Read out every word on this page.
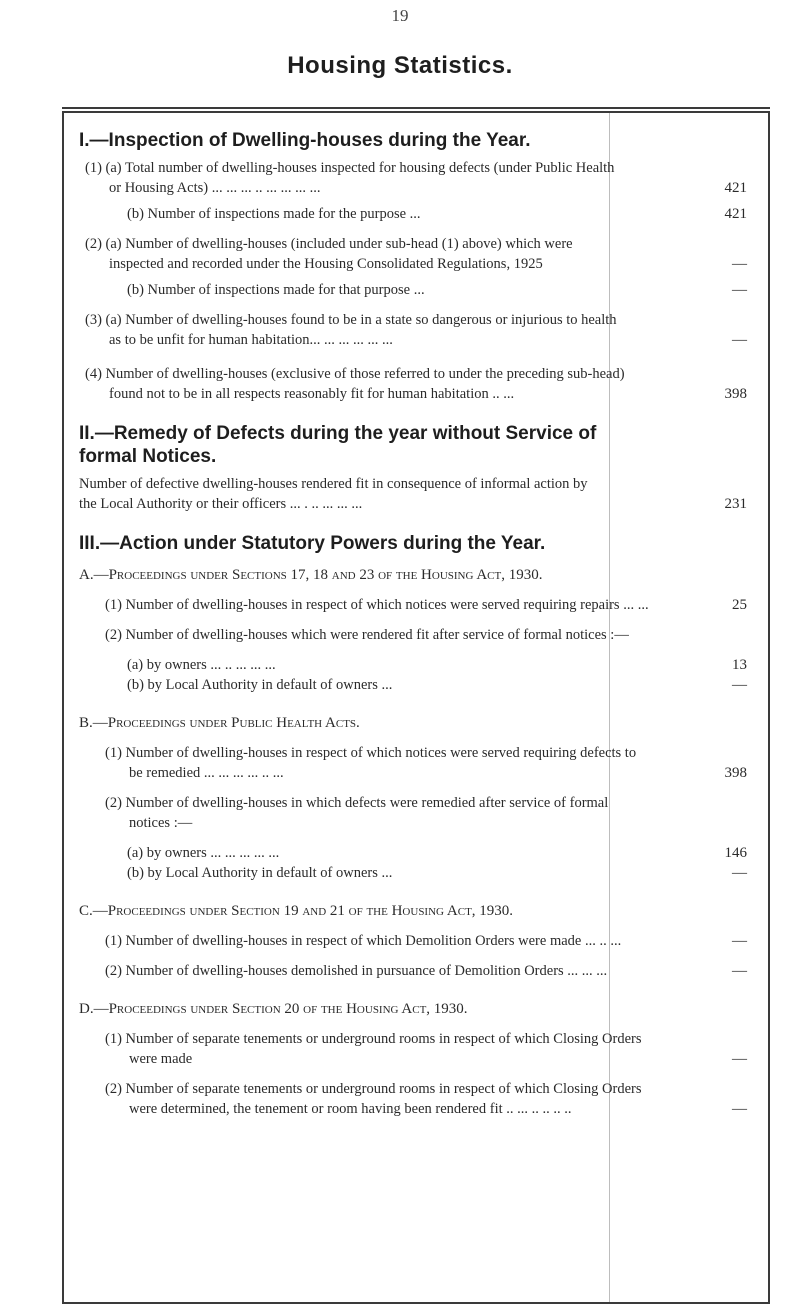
19
Housing Statistics.
I.—Inspection of Dwelling-houses during the Year.
(1) (a) Total number of dwelling-houses inspected for housing defects (under Public Health or Housing Acts) ... ... ... .. ... ... ... ...	421
(b) Number of inspections made for the purpose ...	421
(2) (a) Number of dwelling-houses (included under sub-head (1) above) which were inspected and recorded under the Housing Consolidated Regulations, 1925	—
(b) Number of inspections made for that purpose ...	—
(3) (a) Number of dwelling-houses found to be in a state so dangerous or injurious to health as to be unfit for human habitation... ... ... ... ... ...	—
(4) Number of dwelling-houses (exclusive of those referred to under the preceding sub-head) found not to be in all respects reasonably fit for human habitation .. ...	398
II.—Remedy of Defects during the year without Service of formal Notices.
Number of defective dwelling-houses rendered fit in consequence of informal action by the Local Authority or their officers ... . .. ... ... ...	231
III.—Action under Statutory Powers during the Year.
A.—Proceedings under Sections 17, 18 and 23 of the Housing Act, 1930.
(1) Number of dwelling-houses in respect of which notices were served requiring repairs ... ...	25
(2) Number of dwelling-houses which were rendered fit after service of formal notices :—
(a) by owners ... .. ... ... ...	13
(b) by Local Authority in default of owners ...	—
B.—Proceedings under Public Health Acts.
(1) Number of dwelling-houses in respect of which notices were served requiring defects to be remedied ... ... ... ... .. ...	398
(2) Number of dwelling-houses in which defects were remedied after service of formal notices :—
(a) by owners ... ... ... ... ...	146
(b) by Local Authority in default of owners ...	—
C.—Proceedings under Section 19 and 21 of the Housing Act, 1930.
(1) Number of dwelling-houses in respect of which Demolition Orders were made ... .. ...	—
(2) Number of dwelling-houses demolished in pursuance of Demolition Orders ... ... ...	—
D.—Proceedings under Section 20 of the Housing Act, 1930.
(1) Number of separate tenements or underground rooms in respect of which Closing Orders were made	—
(2) Number of separate tenements or underground rooms in respect of which Closing Orders were determined, the tenement or room having been rendered fit .. ... .. .. .. ..	—
